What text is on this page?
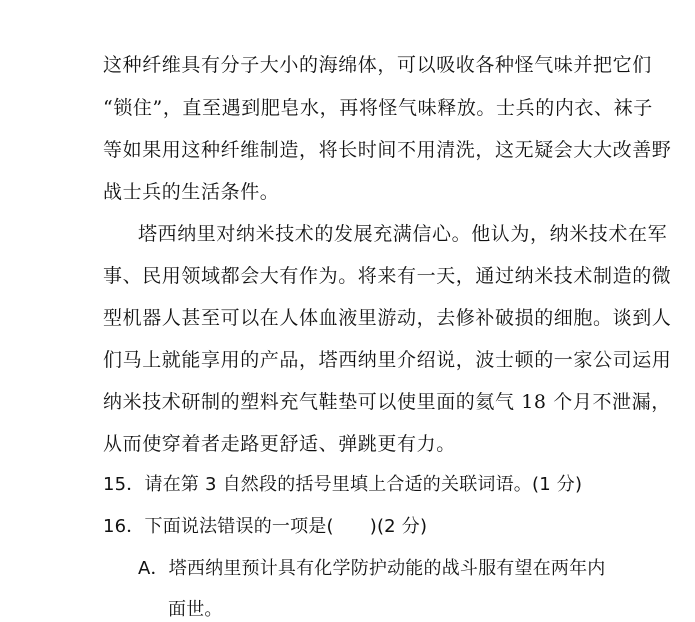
这种纤维具有分子大小的海绵体，可以吸收各种怪气味并把它们
“锁住”，直至遇到肥皂水，再将怪气味释放。士兵的内衣、袜子
等如果用这种纤维制造，将长时间不用清洗，这无疑会大大改善野
战士兵的生活条件。
塔西纳里对纳米技术的发展充满信心。他认为，纳米技术在军
事、民用领域都会大有作为。将来有一天，通过纳米技术制造的微
型机器人甚至可以在人体血液里游动，去修补破损的细胞。谈到人
们马上就能享用的产品，塔西纳里介绍说，波士顿的一家公司运用
纳米技术研制的塑料充气鞋垫可以使里面的氦气 18 个月不泄漏，
从而使穿着者走路更舒适、弹跳更有力。
15．请在第 3 自然段的括号里填上合适的关联词语。(1 分)
16．下面说法错误的一项是( )(2 分)
A．塔西纳里预计具有化学防护动能的战斗服有望在两年内
面世。
